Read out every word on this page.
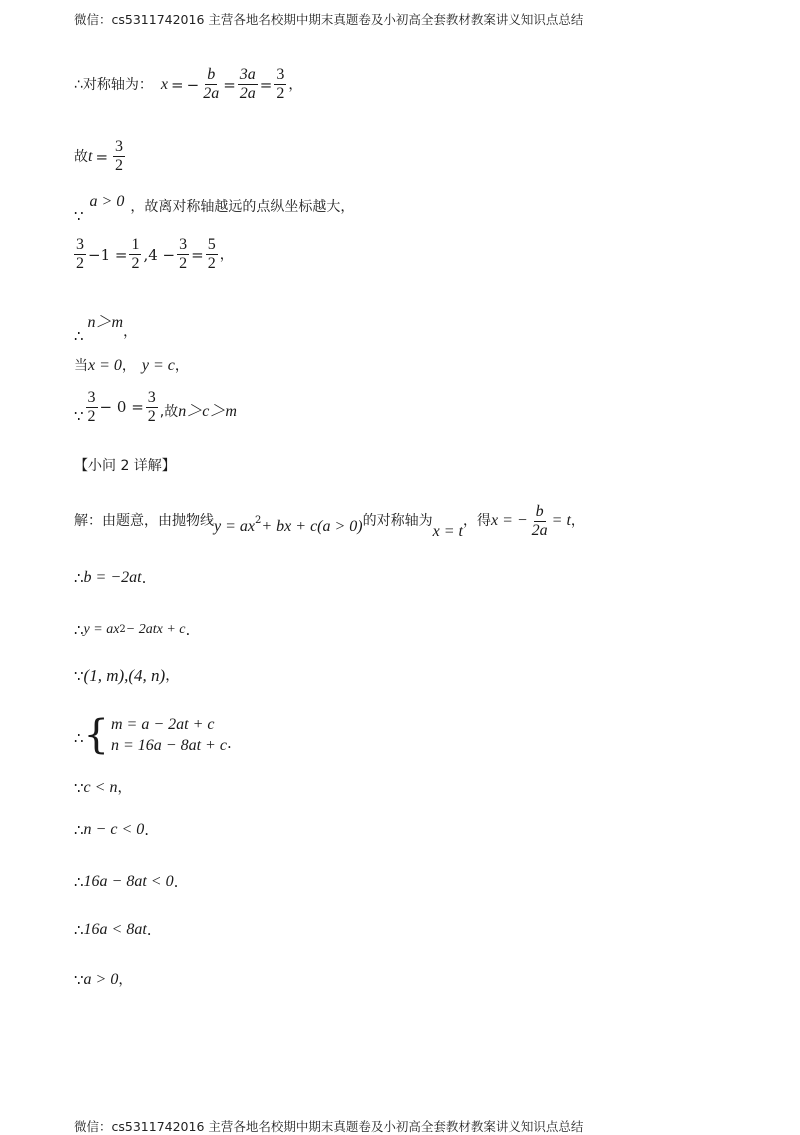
微信：cs5311742016 主营各地名校期中期末真题卷及小初高全套教材教案讲义知识点总结
∴对称轴为： x = − $\frac{b}{2a} = \frac{3a}{2a} = \frac{3}{2}$ ，
故 $t = \frac{3}{2}$
∵
a > 0 ，故离对称轴越远的点纵坐标越大，
$\frac{3}{2} -1 = \frac{1}{2} ,4 - \frac{3}{2} = \frac{5}{2}$ ，
∴
n＞m
，
当 x = 0 ， y = c ，
∵ $\frac{3}{2} - 0 = \frac{3}{2}$ ,故 n＞c＞m
【小问 2 详解】
解：由题意，由抛物线 $y = ax^2$ + bx + c (a > 0) 的对称轴为
x = t
，得 x = − $\frac{b}{2a} = t$ ，
∴ b = −2at .
∴ y = ax 2 − 2atx + c .
∵ (1, m),(4, n) ，
∴ { m = a − 2at + c
n = 16a − 8at + c .
∵ c < n ，
∴ n − c < 0 .
∴ 16a − 8at < 0 .
∴ 16a < 8at .
∵ a > 0 ，
微信：cs5311742016 主营各地名校期中期末真题卷及小初高全套教材教案讲义知识点总结
